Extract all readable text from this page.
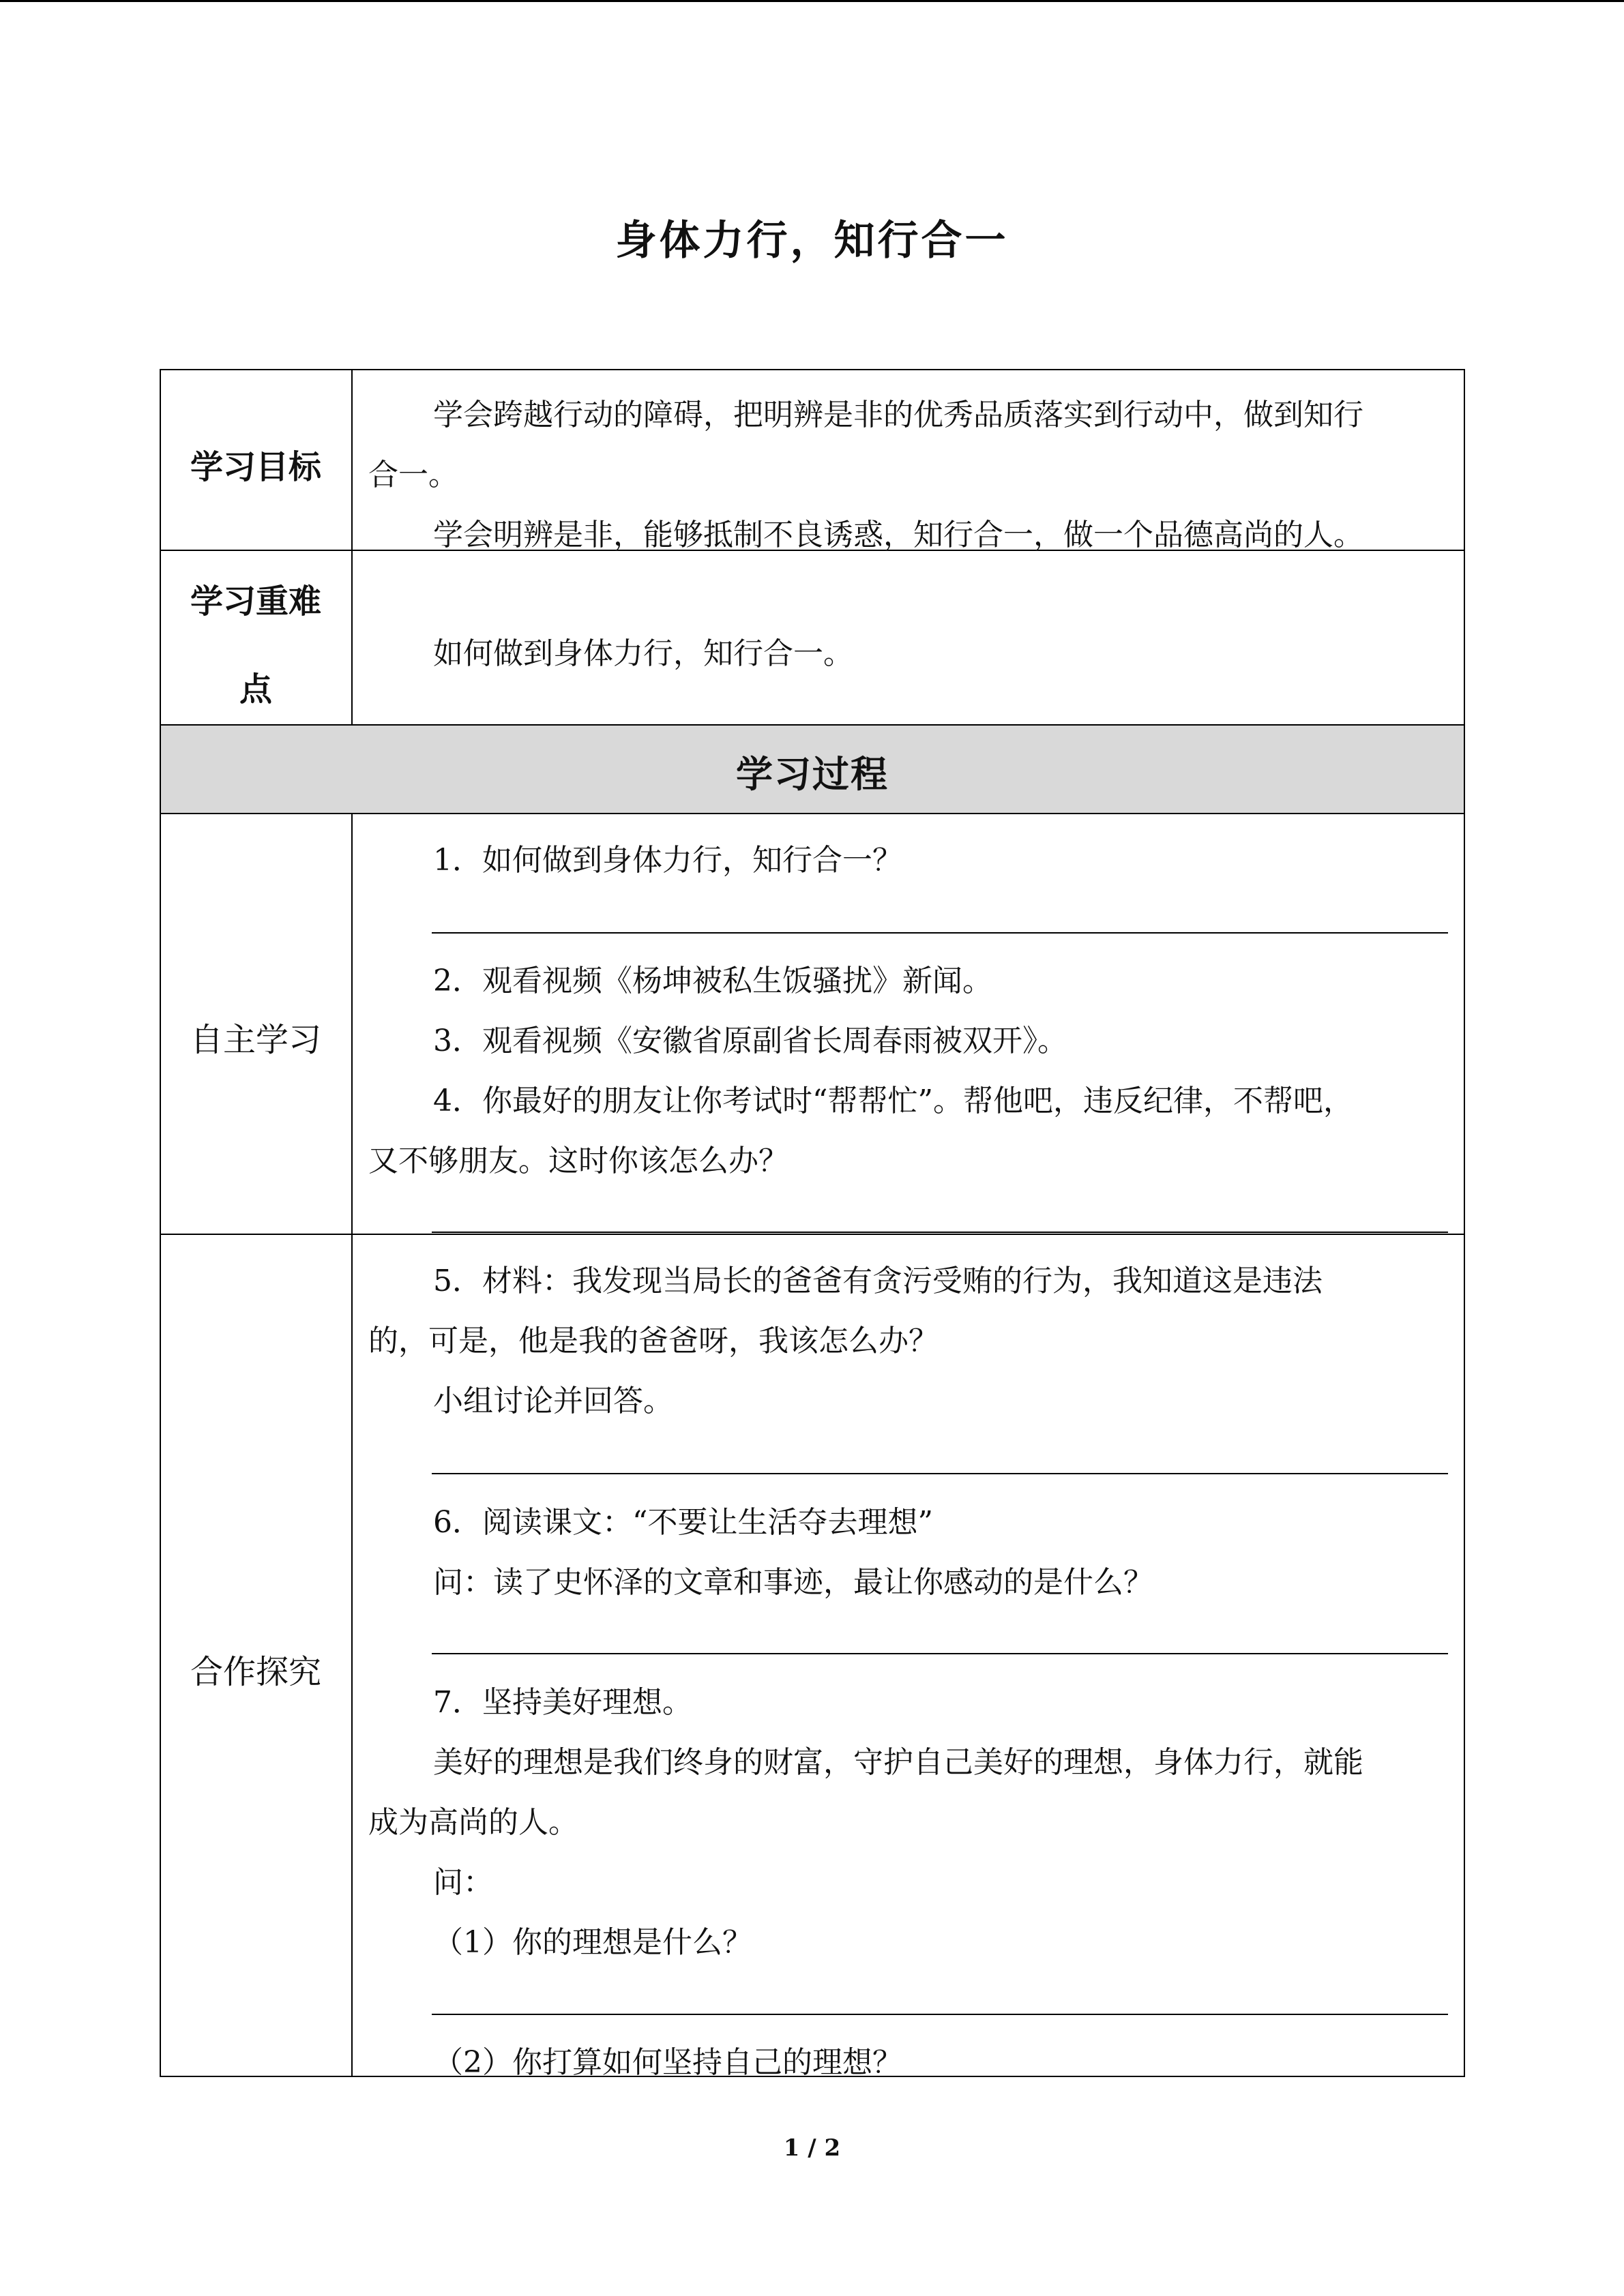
身体力行，知行合一
学习目标
学会跨越行动的障碍，把明辨是非的优秀品质落实到行动中，做到知行
合一。
学会明辨是非，能够抵制不良诱惑，知行合一，做一个品德高尚的人。
学习重难
点
如何做到身体力行，知行合一。
学习过程
自主学习
1．如何做到身体力行，知行合一？
2．观看视频《杨坤被私生饭骚扰》新闻。
3．观看视频《安徽省原副省长周春雨被双开》。
4．你最好的朋友让你考试时“帮帮忙”。帮他吧，违反纪律，不帮吧，
又不够朋友。这时你该怎么办？
合作探究
5．材料：我发现当局长的爸爸有贪污受贿的行为，我知道这是违法
的，可是，他是我的爸爸呀，我该怎么办？
小组讨论并回答。
6．阅读课文：“不要让生活夺去理想”
问：读了史怀泽的文章和事迹，最让你感动的是什么？
7．坚持美好理想。
美好的理想是我们终身的财富，守护自己美好的理想，身体力行，就能
成为高尚的人。
问：
（1）你的理想是什么？
（2）你打算如何坚持自己的理想？
1 / 2
